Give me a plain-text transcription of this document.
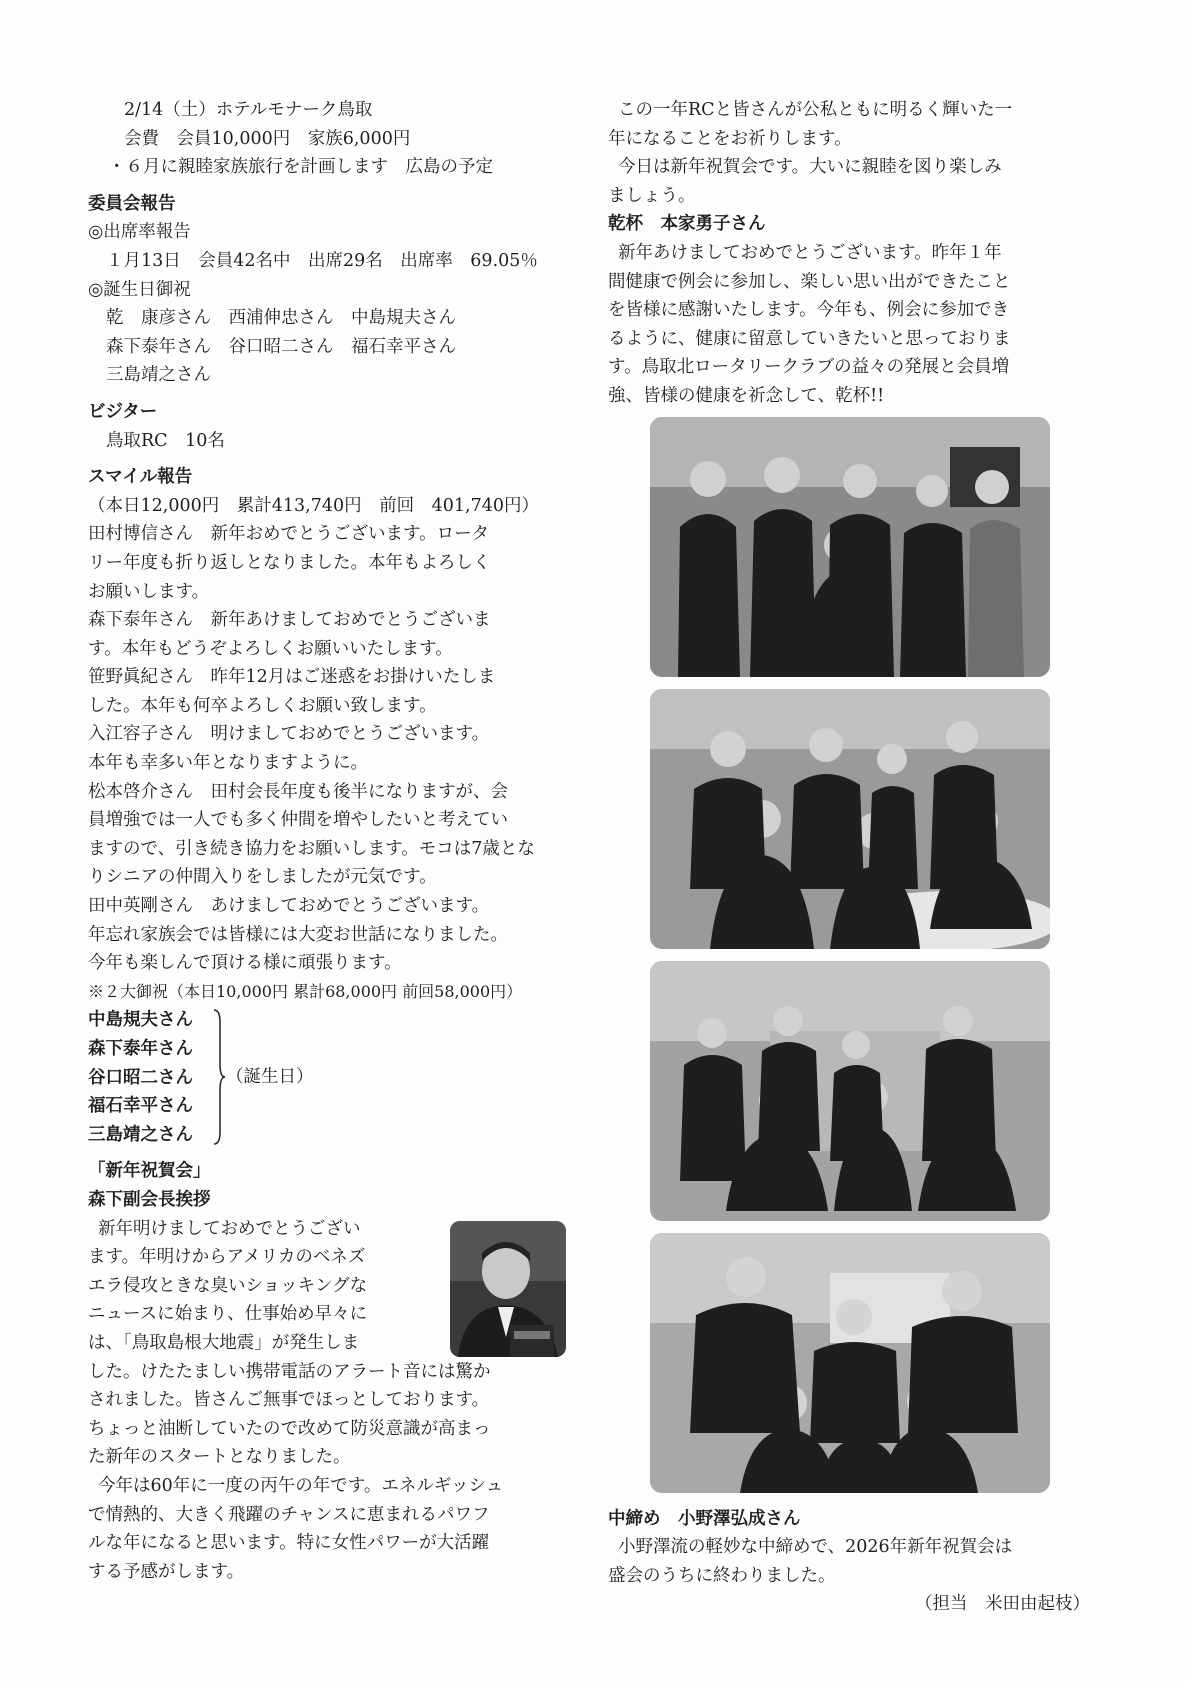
2/14（土）ホテルモナーク鳥取
会費　会員10,000円　家族6,000円
・６月に親睦家族旅行を計画します　広島の予定
委員会報告
◎出席率報告
１月13日　会員42名中　出席29名　出席率　69.05％
◎誕生日御祝
乾　康彦さん　西浦伸忠さん　中島規夫さん
森下泰年さん　谷口昭二さん　福石幸平さん
三島靖之さん
ビジター
鳥取RC　10名
スマイル報告
（本日12,000円　累計413,740円　前回　401,740円）
田村博信さん　新年おめでとうございます。ロータ
リー年度も折り返しとなりました。本年もよろしく
お願いします。
森下泰年さん　新年あけましておめでとうございま
す。本年もどうぞよろしくお願いいたします。
笹野眞紀さん　昨年12月はご迷惑をお掛けいたしま
した。本年も何卒よろしくお願い致します。
入江容子さん　明けましておめでとうございます。
本年も幸多い年となりますように。
松本啓介さん　田村会長年度も後半になりますが、会
員増強では一人でも多く仲間を増やしたいと考えてい
ますので、引き続き協力をお願いします。モコは7歳とな
りシニアの仲間入りをしましたが元気です。
田中英剛さん　あけましておめでとうございます。
年忘れ家族会では皆様には大変お世話になりました。
今年も楽しんで頂ける様に頑張ります。
※２大御祝（本日10,000円 累計68,000円 前回58,000円）
中島規夫さん
森下泰年さん
谷口昭二さん
福石幸平さん
三島靖之さん
（誕生日）
「新年祝賀会」
森下副会長挨拶
新年明けましておめでとうござい
ます。年明けからアメリカのベネズ
エラ侵攻ときな臭いショッキングな
ニュースに始まり、仕事始め早々に
は、「鳥取島根大地震」が発生しま
した。けたたましい携帯電話のアラート音には驚か
されました。皆さんご無事でほっとしております。
ちょっと油断していたので改めて防災意識が高まっ
た新年のスタートとなりました。
今年は60年に一度の丙午の年です。エネルギッシュ
で情熱的、大きく飛躍のチャンスに恵まれるパワフ
ルな年になると思います。特に女性パワーが大活躍
する予感がします。
この一年RCと皆さんが公私ともに明るく輝いた一
年になることをお祈りします。
今日は新年祝賀会です。大いに親睦を図り楽しみ
ましょう。
乾杯　本家勇子さん
新年あけましておめでとうございます。昨年１年
間健康で例会に参加し、楽しい思い出ができたこと
を皆様に感謝いたします。今年も、例会に参加でき
るように、健康に留意していきたいと思っておりま
す。鳥取北ロータリークラブの益々の発展と会員増
強、皆様の健康を祈念して、乾杯!!
中締め　小野澤弘成さん
小野澤流の軽妙な中締めで、2026年新年祝賀会は
盛会のうちに終わりました。
（担当　米田由起枝）
